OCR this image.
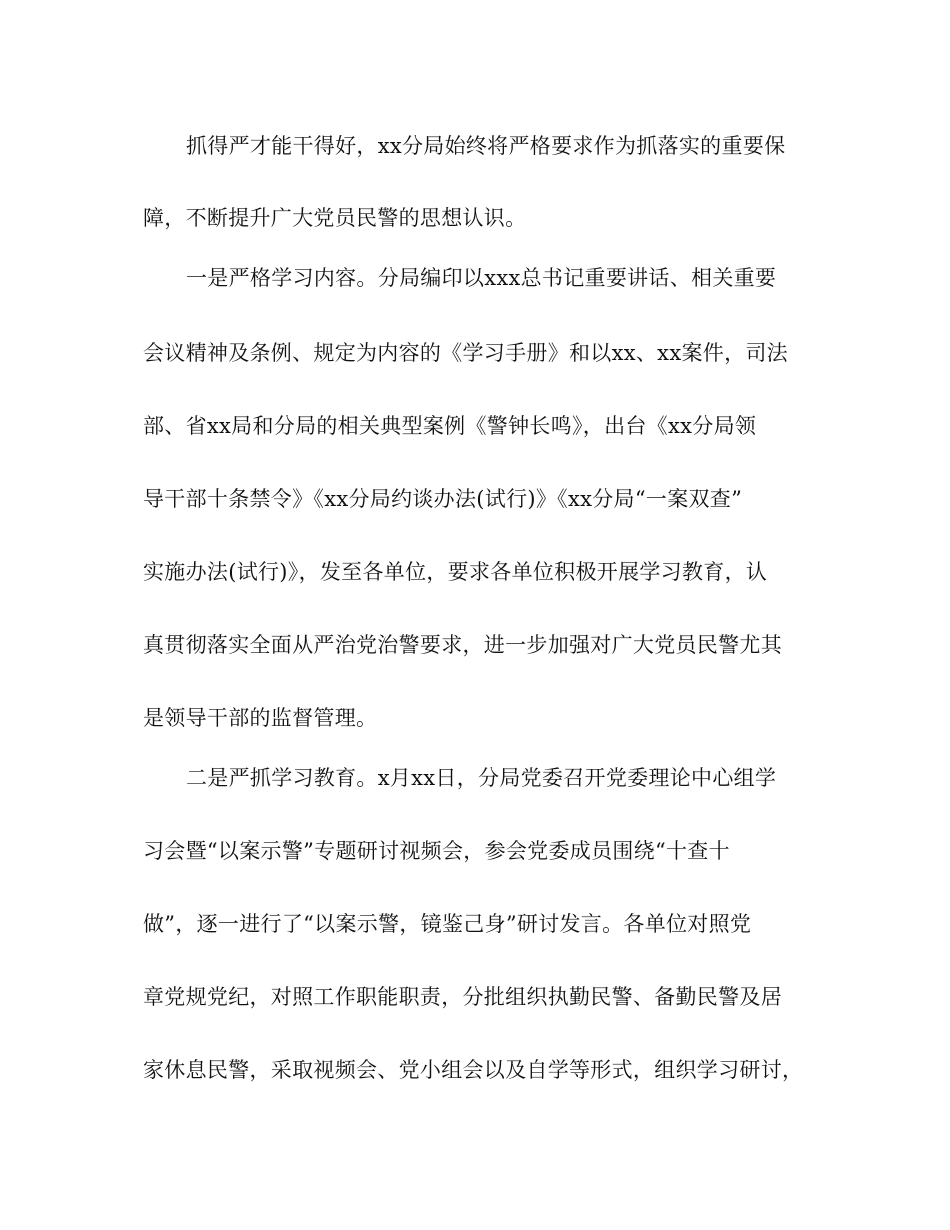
抓得严才能干得好，xx分局始终将严格要求作为抓落实的重要保
障，不断提升广大党员民警的思想认识。
一是严格学习内容。分局编印以xxx总书记重要讲话、相关重要
会议精神及条例、规定为内容的《学习手册》和以xx、xx案件，司法
部、省xx局和分局的相关典型案例《警钟长鸣》，出台《xx分局领
导干部十条禁令》《xx分局约谈办法(试行)》《xx分局“一案双查”
实施办法(试行)》，发至各单位，要求各单位积极开展学习教育，认
真贯彻落实全面从严治党治警要求，进一步加强对广大党员民警尤其
是领导干部的监督管理。
二是严抓学习教育。x月xx日，分局党委召开党委理论中心组学
习会暨“以案示警”专题研讨视频会，参会党委成员围绕“十查十
做”，逐一进行了“以案示警，镜鉴己身”研讨发言。各单位对照党
章党规党纪，对照工作职能职责，分批组织执勤民警、备勤民警及居
家休息民警，采取视频会、党小组会以及自学等形式，组织学习研讨，
